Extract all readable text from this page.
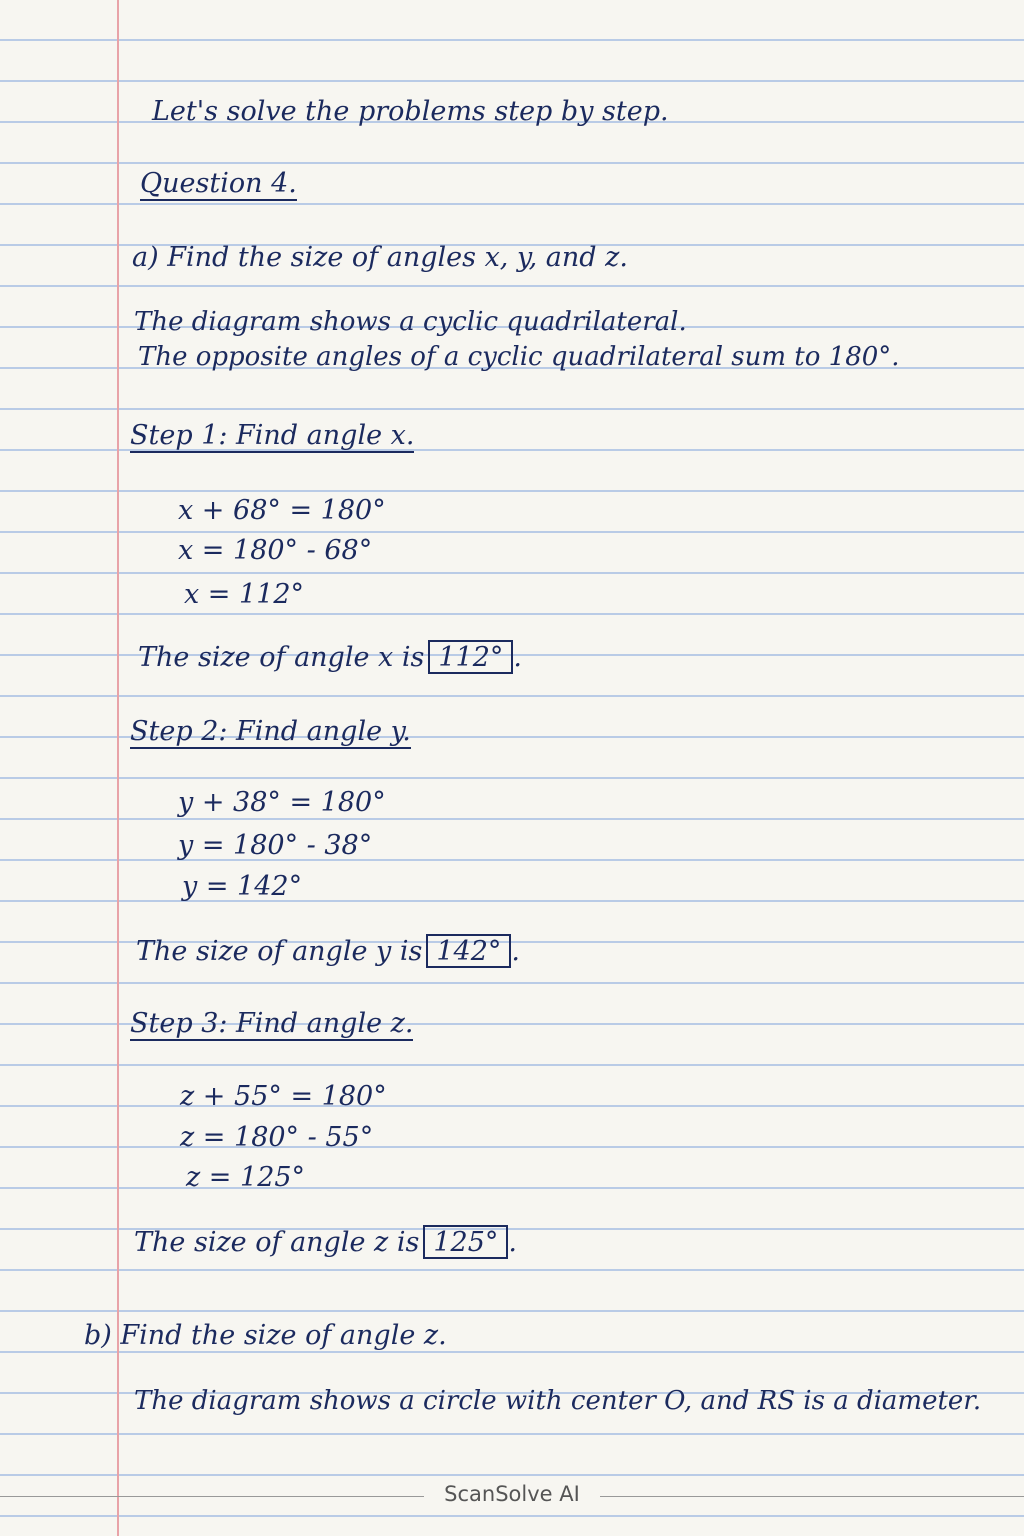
Let's solve the problems step by step.
Question 4.
a) Find the size of angles x, y, and z.
The diagram shows a cyclic quadrilateral.
The opposite angles of a cyclic quadrilateral sum to 180°.
Step 1: Find angle x.
x + 68° = 180°
x = 180° - 68°
x = 112°
The size of angle x is 112° .
Step 2: Find angle y.
y + 38° = 180°
y = 180° - 38°
y = 142°
The size of angle y is 142° .
Step 3: Find angle z.
z + 55° = 180°
z = 180° - 55°
z = 125°
The size of angle z is 125° .
b) Find the size of angle z.
The diagram shows a circle with center O, and RS is a diameter.
ScanSolve AI
